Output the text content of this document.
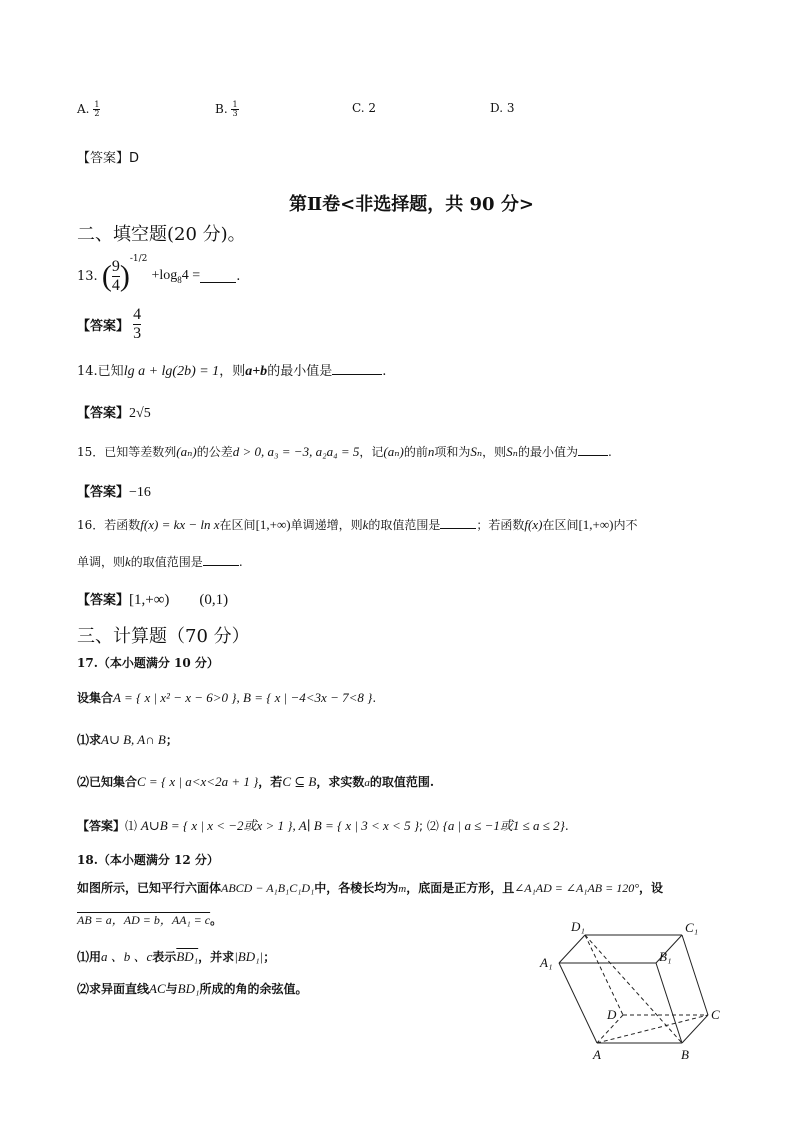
A. $\frac{1}{2}$	B. $\frac{1}{3}$	C. 2	D. 3
【答案】D
第Ⅱ卷<非选择题，共 90 分>
二、填空题(20 分)。
13. ( $\frac{9}{4} )^{-1/2} +\log_84$ =	.
【答案】 $\frac{4}{3}$
14.已知lg a + lg(2b) = 1，则a+b的最小值是	.
【答案】2√5
15．已知等差数列(aₙ)的公差d > 0, a₃ = −3, a₂a₄ = 5，记(aₙ)的前n项和为Sₙ，则Sₙ的最小值为	.
【答案】−16
16．若函数f(x) = kx − ln x在区间[1,+∞)单调递增，则k的取值范围是	；若函数f(x)在区间[1,+∞)内不
单调，则k的取值范围是	.
【答案】[1,+∞) (0,1)
三、计算题（70 分）
17.（本小题满分 10 分）
设集合A = { x | x² − x − 6>0 }, B = { x | −4<3x − 7<8 }.
⑴求A∪ B, A∩ B；
⑵已知集合C = { x | a<x<2a + 1 }，若C ⊆ B，求实数a的取值范围.
【答案】⑴ A∪B = { x | x < −2或x > 1 }, A∣ B = { x | 3 < x < 5 }; ⑵ {a | a ≤ −1或1 ≤ a ≤ 2}.
18.（本小题满分 12 分）
如图所示，已知平行六面体ABCD − A₁B₁C₁D₁中，各棱长均为m，底面是正方形，且∠A₁AD = ∠A₁AB = 120°，设
AB = a，AD = b，AA₁ = c。
⑴用a 、b 、c表示BD₁，并求|BD₁|；
⑵求异面直线AC与BD₁所成的角的余弦值。
D₁	C₁
A₁	B₁
D	C
A	B
